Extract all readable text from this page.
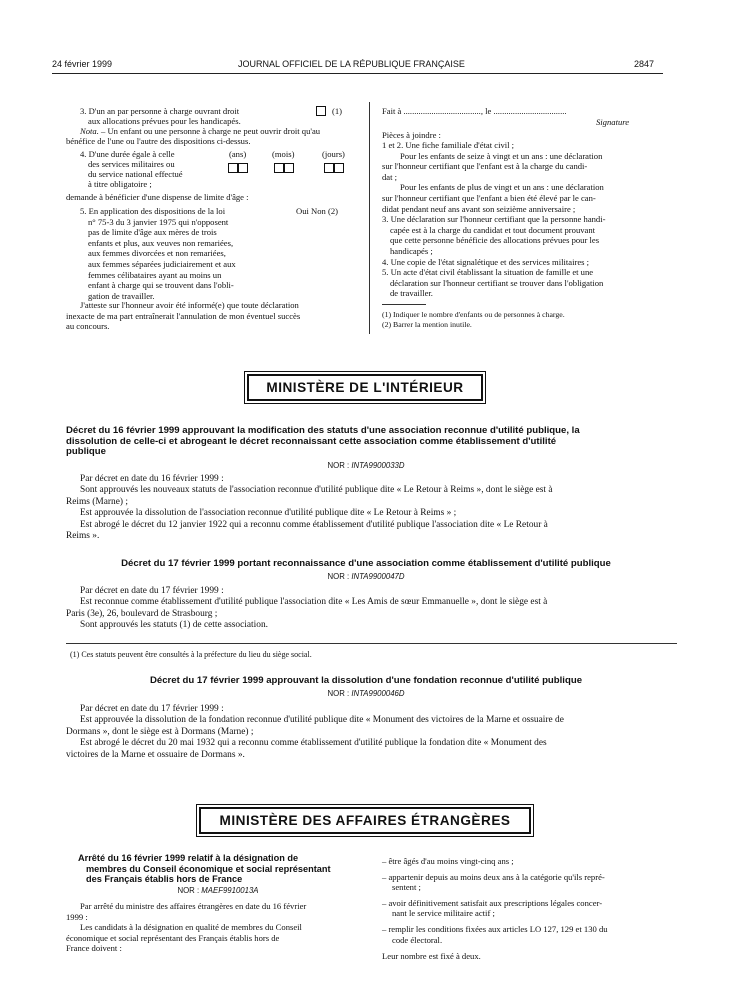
24 février 1999	JOURNAL OFFICIEL DE LA RÉPUBLIQUE FRANÇAISE	2847
3. D'un an par personne à charge ouvrant droit	(1)
aux allocations prévues pour les handicapés.
Nota. – Un enfant ou une personne à charge ne peut ouvrir droit qu'au
bénéfice de l'une ou l'autre des dispositions ci-dessus.
4. D'une durée égale à celle
des services militaires ou
du service national effectué
à titre obligatoire ;
(ans)	(mois)	(jours)
demande à bénéficier d'une dispense de limite d'âge :
5. En application des dispositions de la loi
n° 75-3 du 3 janvier 1975 qui n'opposent
pas de limite d'âge aux mères de trois
enfants et plus, aux veuves non remariées,
aux femmes divorcées et non remariées,
aux femmes séparées judiciairement et aux
femmes célibataires ayant au moins un
enfant à charge qui se trouvent dans l'obli-
gation de travailler.
Oui Non (2)
J'atteste sur l'honneur avoir été informé(e) que toute déclaration
inexacte de ma part entraînerait l'annulation de mon éventuel succès
au concours.
Fait à ...................................., le ..................................
Signature
Pièces à joindre :
1 et 2. Une fiche familiale d'état civil ;
Pour les enfants de seize à vingt et un ans : une déclaration
sur l'honneur certifiant que l'enfant est à la charge du candi-
dat ;
Pour les enfants de plus de vingt et un ans : une déclaration
sur l'honneur certifiant que l'enfant a bien été élevé par le can-
didat pendant neuf ans avant son seizième anniversaire ;
3. Une déclaration sur l'honneur certifiant que la personne handi-
capée est à la charge du candidat et tout document prouvant
que cette personne bénéficie des allocations prévues pour les
handicapés ;
4. Une copie de l'état signalétique et des services militaires ;
5. Un acte d'état civil établissant la situation de famille et une
déclaration sur l'honneur certifiant se trouver dans l'obligation
de travailler.
(1) Indiquer le nombre d'enfants ou de personnes à charge.
(2) Barrer la mention inutile.
MINISTÈRE DE L'INTÉRIEUR
Décret du 16 février 1999 approuvant la modification des statuts d'une association reconnue d'utilité publique, la
dissolution de celle-ci et abrogeant le décret reconnaissant cette association comme établissement d'utilité
publique
NOR : INTA9900033D
Par décret en date du 16 février 1999 :
Sont approuvés les nouveaux statuts de l'association reconnue d'utilité publique dite « Le Retour à Reims », dont le siège est à
Reims (Marne) ;
Est approuvée la dissolution de l'association reconnue d'utilité publique dite « Le Retour à Reims » ;
Est abrogé le décret du 12 janvier 1922 qui a reconnu comme établissement d'utilité publique l'association dite « Le Retour à
Reims ».
Décret du 17 février 1999 portant reconnaissance d'une association comme établissement d'utilité publique
NOR : INTA9900047D
Par décret en date du 17 février 1999 :
Est reconnue comme établissement d'utilité publique l'association dite « Les Amis de sœur Emmanuelle », dont le siège est à
Paris (3e), 26, boulevard de Strasbourg ;
Sont approuvés les statuts (1) de cette association.
(1) Ces statuts peuvent être consultés à la préfecture du lieu du siège social.
Décret du 17 février 1999 approuvant la dissolution d'une fondation reconnue d'utilité publique
NOR : INTA9900046D
Par décret en date du 17 février 1999 :
Est approuvée la dissolution de la fondation reconnue d'utilité publique dite « Monument des victoires de la Marne et ossuaire de
Dormans », dont le siège est à Dormans (Marne) ;
Est abrogé le décret du 20 mai 1932 qui a reconnu comme établissement d'utilité publique la fondation dite « Monument des
victoires de la Marne et ossuaire de Dormans ».
MINISTÈRE DES AFFAIRES ÉTRANGÈRES
Arrêté du 16 février 1999 relatif à la désignation de
membres du Conseil économique et social représentant
des Français établis hors de France
NOR : MAEF9910013A
Par arrêté du ministre des affaires étrangères en date du 16 février
1999 :
Les candidats à la désignation en qualité de membres du Conseil
économique et social représentant des Français établis hors de
France doivent :
– être âgés d'au moins vingt-cinq ans ;
– appartenir depuis au moins deux ans à la catégorie qu'ils repré-
sentent ;
– avoir définitivement satisfait aux prescriptions légales concer-
nant le service militaire actif ;
– remplir les conditions fixées aux articles LO 127, 129 et 130 du
code électoral.
Leur nombre est fixé à deux.
